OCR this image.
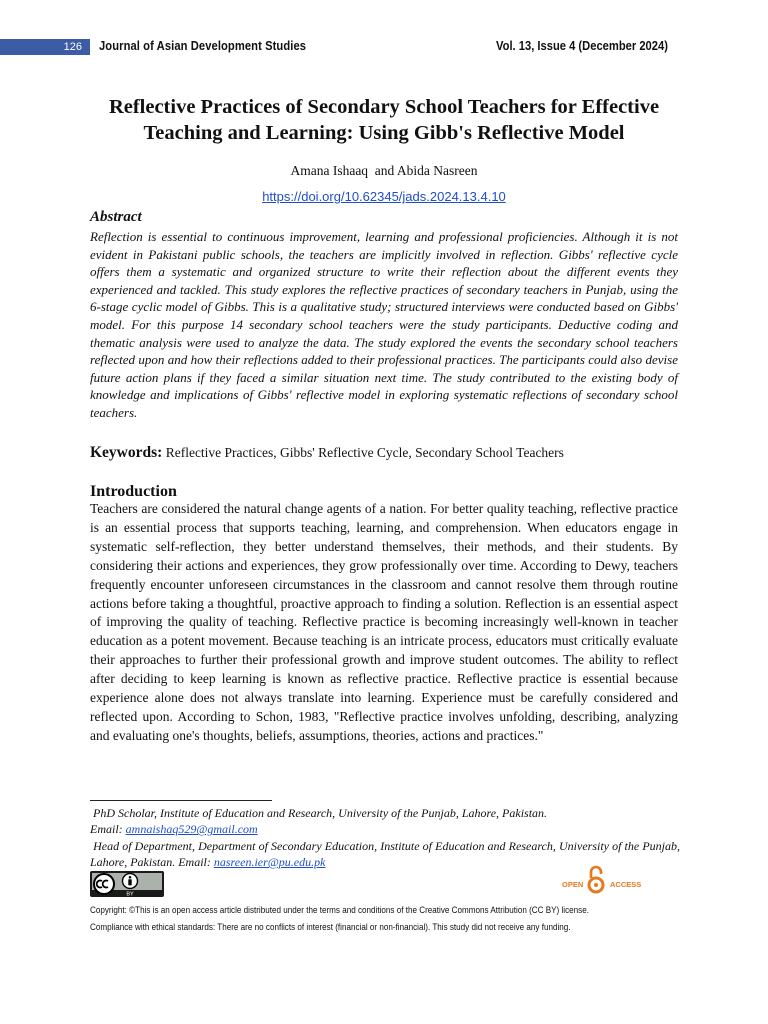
126	Journal of Asian Development Studies	Vol. 13, Issue 4 (December 2024)
Reflective Practices of Secondary School Teachers for Effective Teaching and Learning: Using Gibb's Reflective Model
Amana Ishaaq  and Abida Nasreen
https://doi.org/10.62345/jads.2024.13.4.10
Abstract

Reflection is essential to continuous improvement, learning and professional proficiencies. Although it is not evident in Pakistani public schools, the teachers are implicitly involved in reflection. Gibbs' reflective cycle offers them a systematic and organized structure to write their reflection about the different events they experienced and tackled. This study explores the reflective practices of secondary teachers in Punjab, using the 6-stage cyclic model of Gibbs. This is a qualitative study; structured interviews were conducted based on Gibbs' model. For this purpose 14 secondary school teachers were the study participants. Deductive coding and thematic analysis were used to analyze the data. The study explored the events the secondary school teachers reflected upon and how their reflections added to their professional practices. The participants could also devise future action plans if they faced a similar situation next time. The study contributed to the existing body of knowledge and implications of Gibbs' reflective model in exploring systematic reflections of secondary school teachers.

Keywords: Reflective Practices, Gibbs' Reflective Cycle, Secondary School Teachers
Introduction

Teachers are considered the natural change agents of a nation. For better quality teaching, reflective practice is an essential process that supports teaching, learning, and comprehension. When educators engage in systematic self-reflection, they better understand themselves, their methods, and their students. By considering their actions and experiences, they grow professionally over time. According to Dewy, teachers frequently encounter unforeseen circumstances in the classroom and cannot resolve them through routine actions before taking a thoughtful, proactive approach to finding a solution. Reflection is an essential aspect of improving the quality of teaching. Reflective practice is becoming increasingly well-known in teacher education as a potent movement. Because teaching is an intricate process, educators must critically evaluate their approaches to further their professional growth and improve student outcomes. The ability to reflect after deciding to keep learning is known as reflective practice. Reflective practice is essential because experience alone does not always translate into learning. Experience must be carefully considered and reflected upon. According to Schon, 1983, "Reflective practice involves unfolding, describing, analyzing and evaluating one's thoughts, beliefs, assumptions, theories, actions and practices."

PhD Scholar, Institute of Education and Research, University of the Punjab, Lahore, Pakistan.

Email: amnaishaq529@gmail.com

Head of Department, Department of Secondary Education, Institute of Education and Research, University of the Punjab, Lahore, Pakistan. Email: nasreen.ier@pu.edu.pk

BY
OPEN	ACCESS

Copyright: ©This is an open access article distributed under the terms and conditions of the Creative Commons Attribution (CC BY) license.

Compliance with ethical standards: There are no conflicts of interest (financial or non-financial). This study did not receive any funding.
